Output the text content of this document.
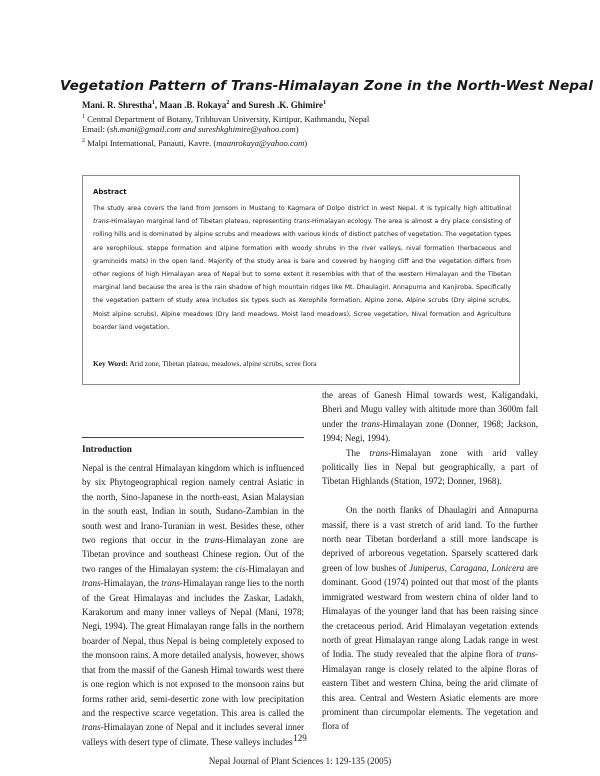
Vegetation Pattern of Trans-Himalayan Zone in the North-West Nepal
Mani. R. Shrestha$^1$, Maan .B. Rokaya$^2$ and Suresh .K. Ghimire$^1$
$^1$ Central Department of Botany, Tribhuvan University, Kirtipur, Kathmandu, Nepal
Email: (sh.mani@gmail.com and sureshkghimire@yahoo.com)
$^2$ Malpi International, Panauti, Kavre. (maanrokaya@yahoo.com)
Abstract

The study area covers the land from Jomsom in Mustang to Kagmara of Dolpo district in west Nepal. It is typically high altitudinal trans-Himalayan marginal land of Tibetan plateau, representing trans-Himalayan ecology. The area is almost a dry place consisting of rolling hills and is dominated by alpine scrubs and meadows with various kinds of distinct patches of vegetation. The vegetation types are xerophilous, steppe formation and alpine formation with woody shrubs in the river valleys, nival formation (herbaceous and graminoids mats) in the open land. Majority of the study area is bare and covered by hanging cliff and the vegetation differs from other regions of high Himalayan area of Nepal but to some extent it resembles with that of the western Himalayan and the Tibetan marginal land because the area is the rain shadow of high mountain ridges like Mt. Dhaulagiri, Annapurna and Kanjiroba. Specifically the vegetation pattern of study area includes six types such as Xerophile formation, Alpine zone, Alpine scrubs (Dry alpine scrubs, Moist alpine scrubs), Alpine meadows (Dry land meadows, Moist land meadows), Scree vegetation, Nival formation and Agriculture boarder land vegetation.

Key Word: Arid zone, Tibetan plateau, meadows, alpine scrubs, scree flora
Introduction

Nepal is the central Himalayan kingdom which is influenced by six Phytogeographical region namely central Asiatic in the north, Sino-Japanese in the north-east, Asian Malaysian in the south east, Indian in south, Sudano-Zambian in the south west and Irano-Turanian in west. Besides these, other two regions that occur in the trans-Himalayan zone are Tibetan province and southeast Chinese region. Out of the two ranges of the Himalayan system: the cis-Himalayan and trans-Himalayan, the trans-Himalayan range lies to the north of the Great Himalayas and includes the Zaskar, Ladakh, Karakorum and many inner valleys of Nepal (Mani, 1978; Negi, 1994). The great Himalayan range falls in the northern boarder of Nepal, thus Nepal is being completely exposed to the monsoon rains. A more detailed analysis, however, shows that from the massif of the Ganesh Himal towards west there is one region which is not exposed to the monsoon rains but forms rather arid, semi-desertic zone with low precipitation and the respective scarce vegetation. This area is called the trans-Himalayan zone of Nepal and it includes several inner valleys with desert type of climate. These valleys includes

the areas of Ganesh Himal towards west, Kaligandaki, Bheri and Mugu valley with altitude more than 3600m fall under the trans-Himalayan zone (Donner, 1968; Jackson, 1994; Negi, 1994).
The trans-Himalayan zone with arid valley politically lies in Nepal but geographically, a part of Tibetan Highlands (Station, 1972; Donner, 1968).

On the north flanks of Dhaulagiri and Annapurna massif, there is a vast stretch of arid land. To the further north near Tibetan borderland a still more landscape is deprived of arboreous vegetation. Sparsely scattered dark green of low bushes of Juniperus, Caragana, Lonicera are dominant. Good (1974) pointed out that most of the plants immigrated westward from western china of older land to Himalayas of the younger land that has been raising since the cretaceous period. Arid Himalayan vegetation extends north of great Himalayan range along Ladak range in west of India. The study revealed that the alpine flora of trans-Himalayan range is closely related to the alpine floras of eastern Tibet and western China, being the arid climate of this area. Central and Western Asiatic elements are more prominent than circumpolar elements. The vegetation and flora of

129
Nepal Journal of Plant Sciences 1: 129-135 (2005)
